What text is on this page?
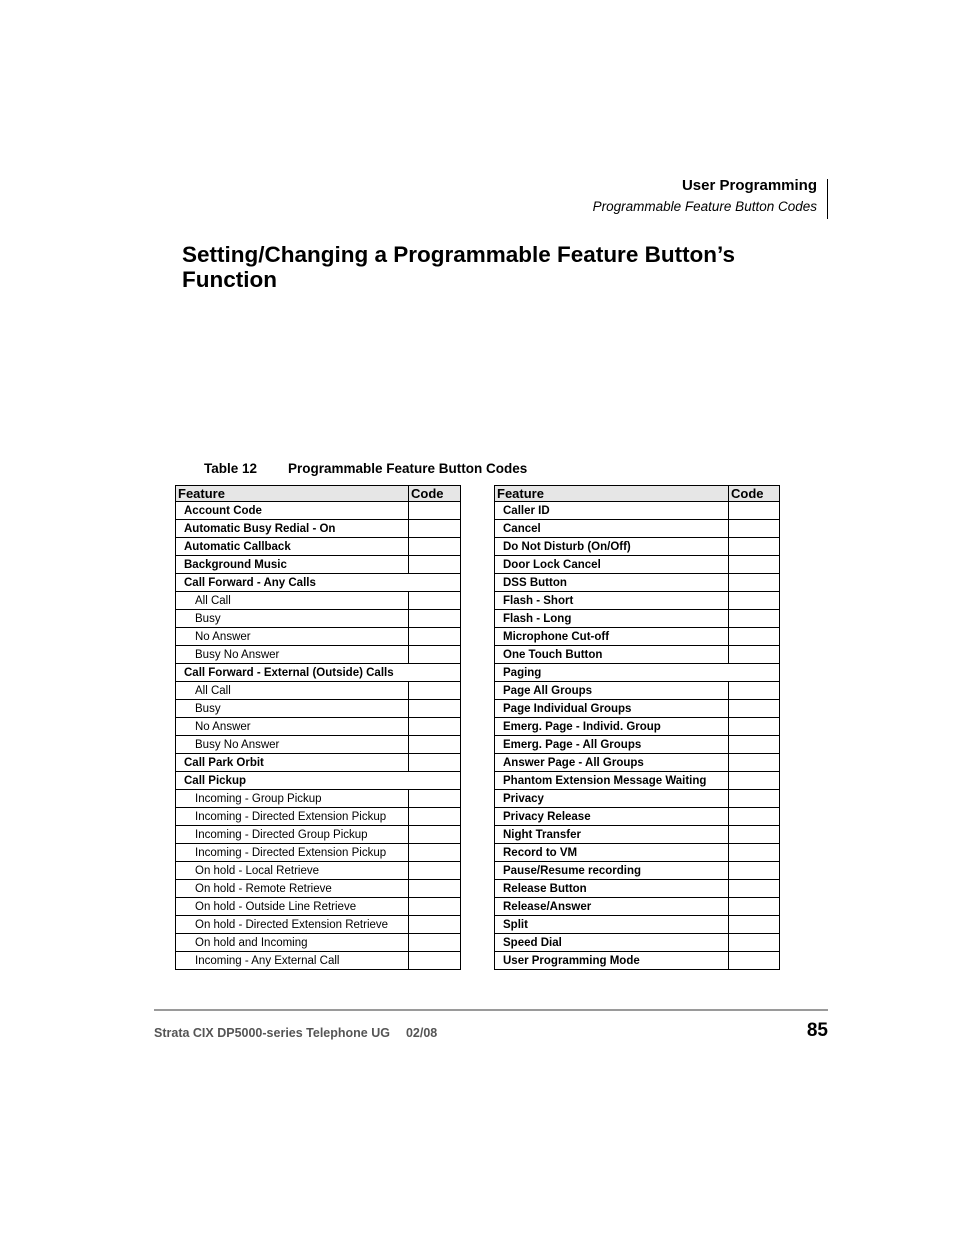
User Programming
Programmable Feature Button Codes
Setting/Changing a Programmable Feature Button’s Function
Table 12 Programmable Feature Button Codes
Feature	Code
Account Code	
Automatic Busy Redial - On	
Automatic Callback	
Background Music	
Call Forward - Any Calls	
All Call	
Busy	
No Answer	
Busy No Answer	
Call Forward - External (Outside) Calls	
All Call	
Busy	
No Answer	
Busy No Answer	
Call Park Orbit	
Call Pickup	
Incoming - Group Pickup	
Incoming - Directed Extension Pickup	
Incoming - Directed Group Pickup	
Incoming - Directed Extension Pickup	
On hold - Local Retrieve	
On hold - Remote Retrieve	
On hold - Outside Line Retrieve	
On hold - Directed Extension Retrieve	
On hold and Incoming	
Incoming - Any External Call	
Feature	Code
Caller ID	
Cancel	
Do Not Disturb (On/Off)	
Door Lock Cancel	
DSS Button	
Flash - Short	
Flash - Long	
Microphone Cut-off	
One Touch Button	
Paging	
Page All Groups	
Page Individual Groups	
Emerg. Page - Individ. Group	
Emerg. Page - All Groups	
Answer Page - All Groups	
Phantom Extension Message Waiting	
Privacy	
Privacy Release	
Night Transfer	
Record to VM	
Pause/Resume recording	
Release Button	
Release/Answer	
Split	
Speed Dial	
User Programming Mode	
Strata CIX DP5000-series Telephone UG 02/08	85
